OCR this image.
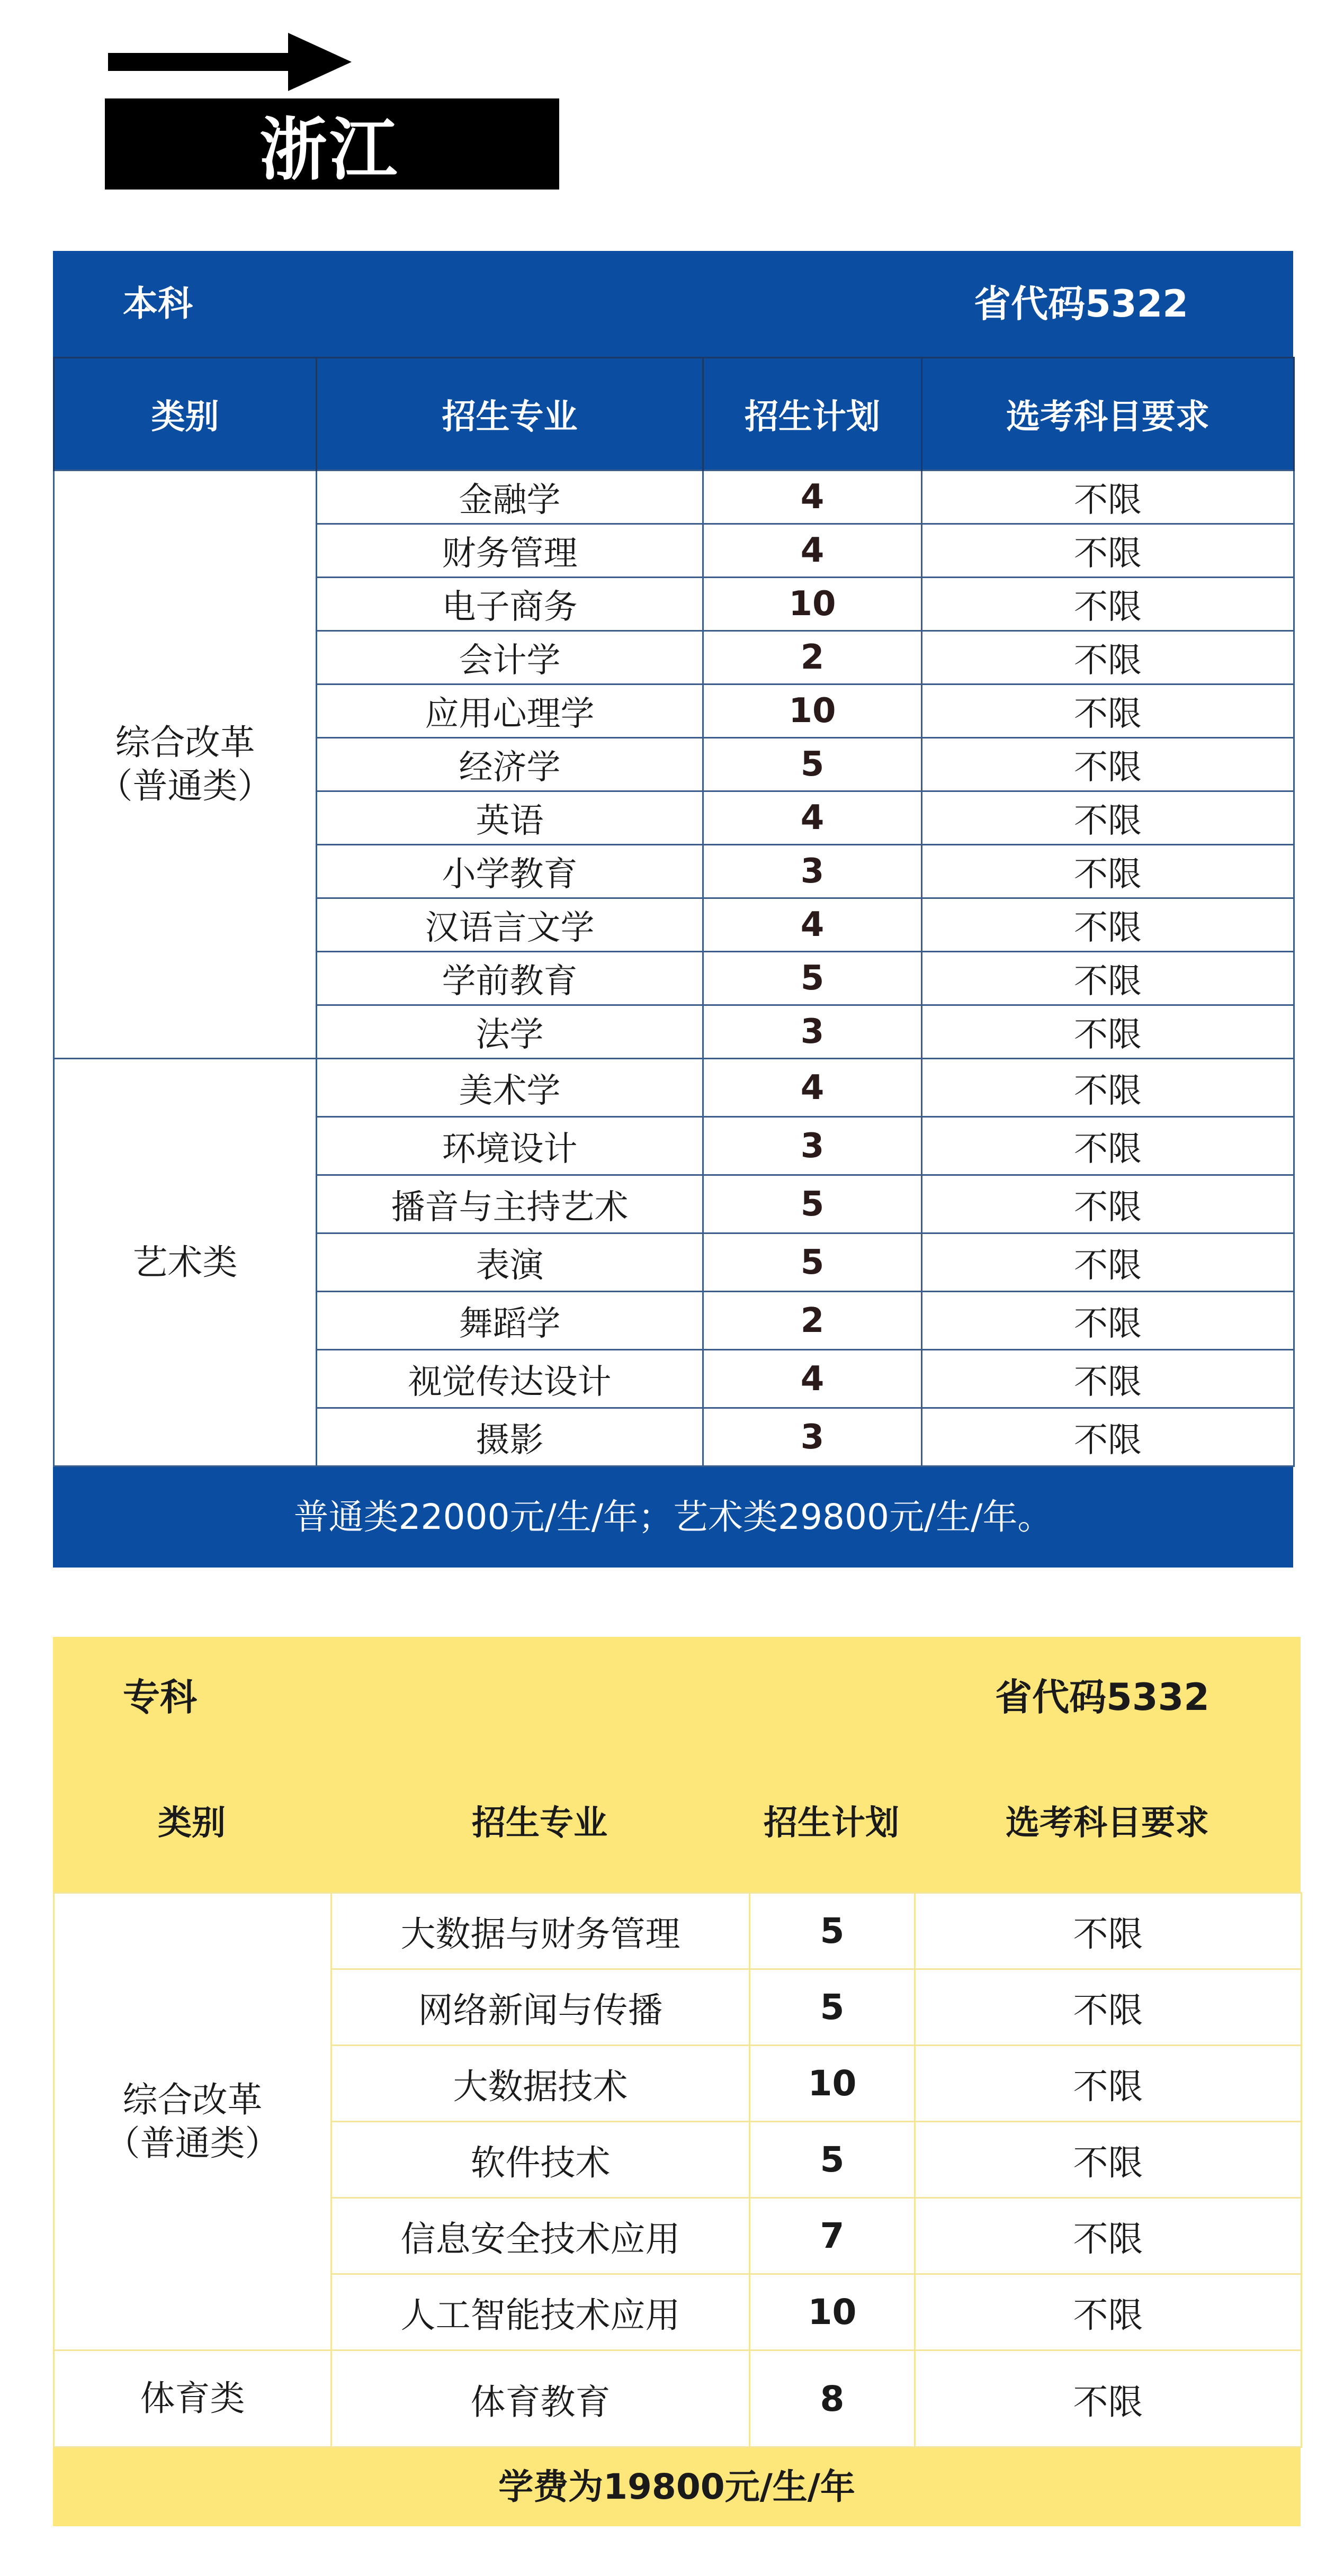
浙江
本科	省代码5322
类别	招生专业	招生计划	选考科目要求
综合改革
（普通类）	金融学	4	不限
	财务管理	4	不限
	电子商务	10	不限
	会计学	2	不限
	应用心理学	10	不限
	经济学	5	不限
	英语	4	不限
	小学教育	3	不限
	汉语言文学	4	不限
	学前教育	5	不限
	法学	3	不限
艺术类	美术学	4	不限
	环境设计	3	不限
	播音与主持艺术	5	不限
	表演	5	不限
	舞蹈学	2	不限
	视觉传达设计	4	不限
	摄影	3	不限
普通类22000元/生/年；艺术类29800元/生/年。
专科	省代码5332
类别	招生专业	招生计划	选考科目要求
综合改革
（普通类）	大数据与财务管理	5	不限
	网络新闻与传播	5	不限
	大数据技术	10	不限
	软件技术	5	不限
	信息安全技术应用	7	不限
	人工智能技术应用	10	不限
体育类	体育教育	8	不限
学费为19800元/生/年
